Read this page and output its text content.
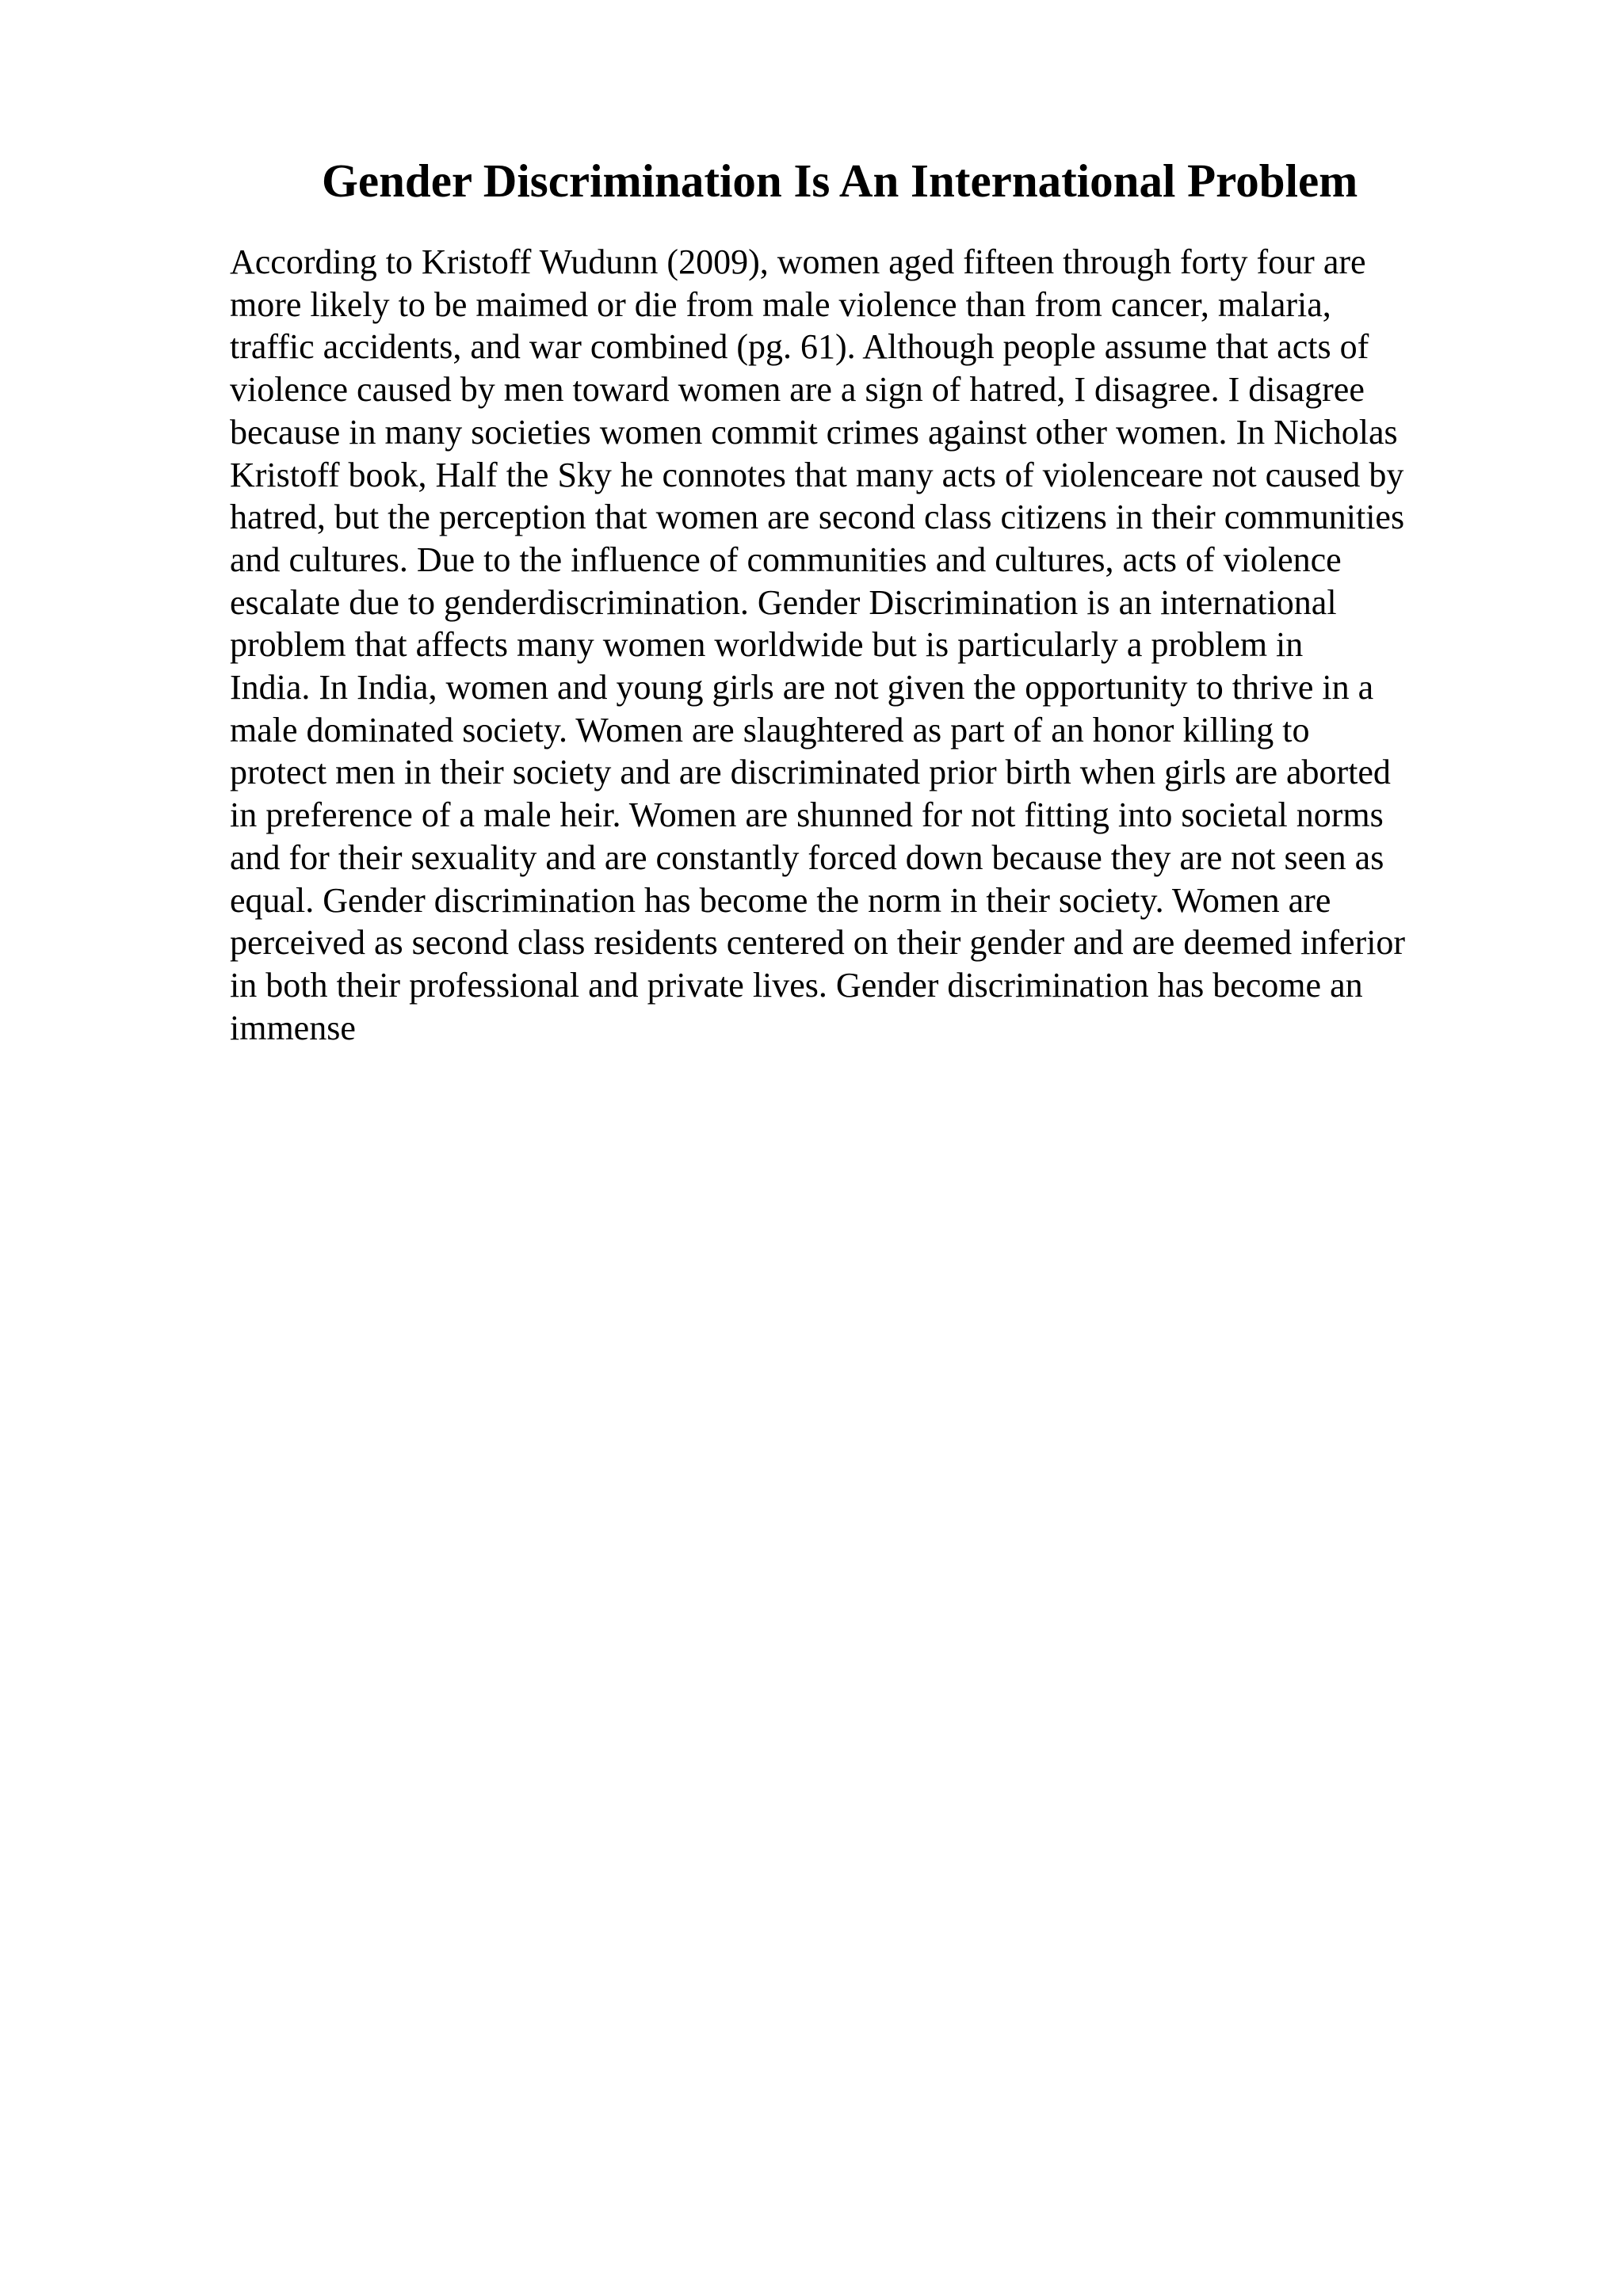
Gender Discrimination Is An International Problem
According to Kristoff Wudunn (2009), women aged fifteen through forty four are
more likely to be maimed or die from male violence than from cancer, malaria,
traffic accidents, and war combined (pg. 61). Although people assume that acts of
violence caused by men toward women are a sign of hatred, I disagree. I disagree
because in many societies women commit crimes against other women. In Nicholas
Kristoff book, Half the Sky he connotes that many acts of violenceare not caused by
hatred, but the perception that women are second class citizens in their communities
and cultures. Due to the influence of communities and cultures, acts of violence
escalate due to genderdiscrimination. Gender Discrimination is an international
problem that affects many women worldwide but is particularly a problem in
India. In India, women and young girls are not given the opportunity to thrive in a
male dominated society. Women are slaughtered as part of an honor killing to
protect men in their society and are discriminated prior birth when girls are aborted
in preference of a male heir. Women are shunned for not fitting into societal norms
and for their sexuality and are constantly forced down because they are not seen as
equal. Gender discrimination has become the norm in their society. Women are
perceived as second class residents centered on their gender and are deemed inferior
in both their professional and private lives. Gender discrimination has become an
immense
